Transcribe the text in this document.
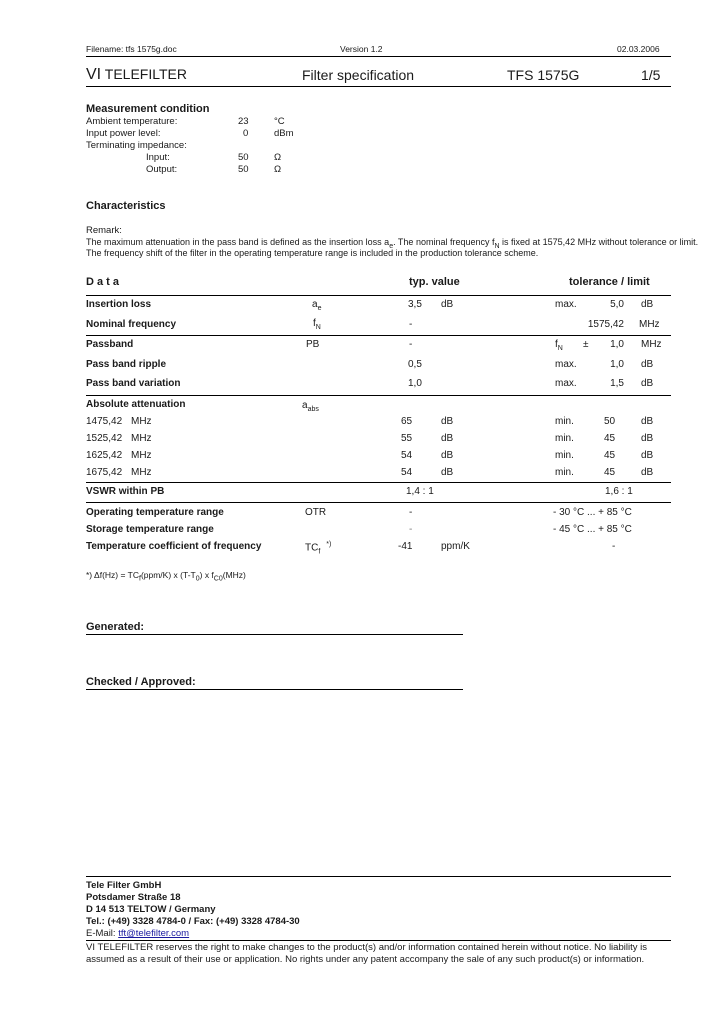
Filename: tfs 1575g.doc	Version 1.2	02.03.2006
VI TELEFILTER	Filter specification	TFS 1575G	1/5
Measurement condition
Ambient temperature:	23	°C
Input power level:	0	dBm
Terminating impedance:
Input:	50	Ω
Output:	50	Ω
Characteristics
Remark:
The maximum attenuation in the pass band is defined as the insertion loss $a_e$. The nominal frequency $f_N$ is fixed at 1575,42 MHz without tolerance or limit.
The frequency shift of the filter in the operating temperature range is included in the production tolerance scheme.
D a t a	typ. value	tolerance / limit
Insertion loss	$a_e$	3,5 dB	max.	5,0 dB
Nominal frequency	$f_N$	-	1575,42 MHz
Passband	PB	-	$f_N$ ±	1,0 MHz
Pass band ripple	0,5	max.	1,0 dB
Pass band variation	1,0	max.	1,5 dB
Absolute attenuation	$a_{abs}$
1475,42 MHz	65	dB	min.	50	dB
1525,42 MHz	55	dB	min.	45	dB
1625,42 MHz	54	dB	min.	45	dB
1675,42 MHz	54	dB	min.	45	dB
VSWR within PB	1,4 : 1	1,6 : 1
Operating temperature range	OTR	-	- 30 °C ... + 85 °C
Storage temperature range	-	- 45 °C ... + 85 °C
Temperature coefficient of frequency	$TC_f^{*)}$	-41	ppm/K	-
*) $\Delta f(Hz) = TC_f(ppm/K)$ x $(T-T_0)$ x $f_{C0}(MHz)$
Generated:
Checked / Approved:
Tele Filter GmbH
Potsdamer Straße 18
D 14 513 TELTOW / Germany
Tel.: (+49) 3328 4784-0 / Fax: (+49) 3328 4784-30
E-Mail: tft@telefilter.com
VI TELEFILTER reserves the right to make changes to the product(s) and/or information contained herein without notice. No liability is
assumed as a result of their use or application. No rights under any patent accompany the sale of any such product(s) or information.
